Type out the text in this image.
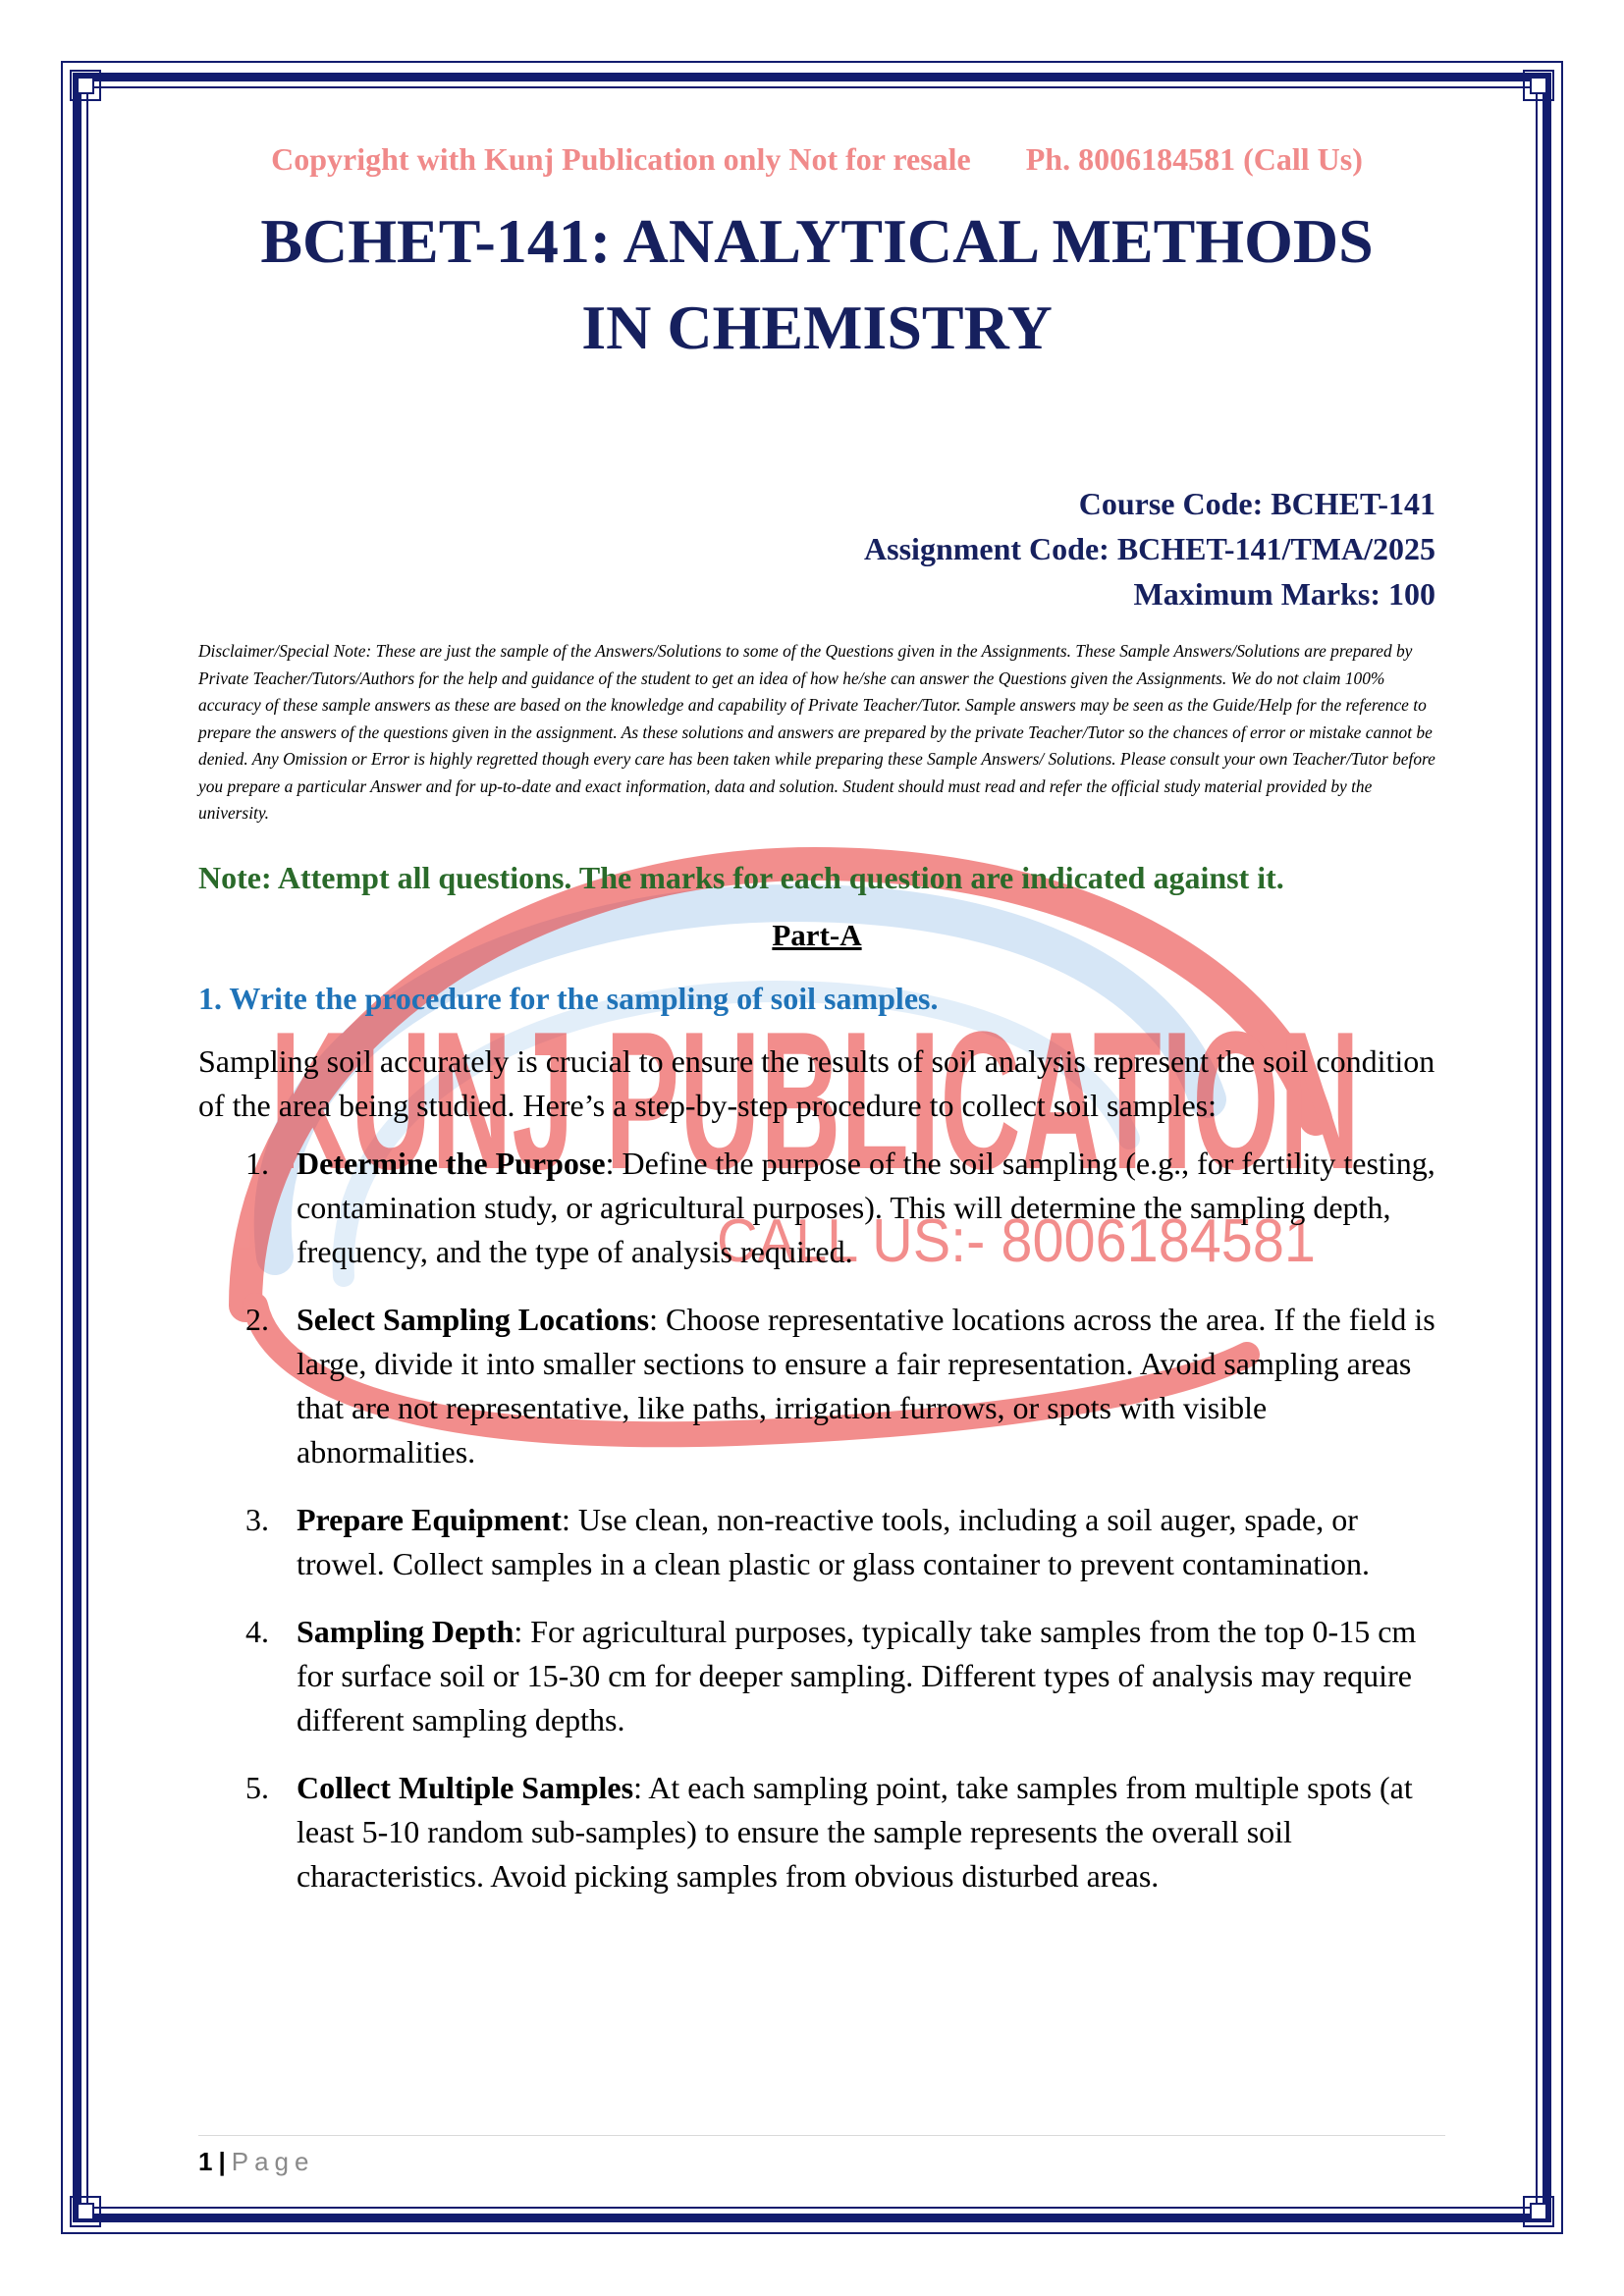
KUNJ PUBLICATION
CALL US:- 8006184581
Copyright with Kunj Publication only Not for resale Ph. 8006184581 (Call Us)
BCHET-141: ANALYTICAL METHODS
IN CHEMISTRY
Course Code: BCHET-141
Assignment Code: BCHET-141/TMA/2025
Maximum Marks: 100
Disclaimer/Special Note: These are just the sample of the Answers/Solutions to some of the Questions given in the Assignments. These Sample Answers/Solutions are prepared by Private Teacher/Tutors/Authors for the help and guidance of the student to get an idea of how he/she can answer the Questions given the Assignments. We do not claim 100% accuracy of these sample answers as these are based on the knowledge and capability of Private Teacher/Tutor. Sample answers may be seen as the Guide/Help for the reference to prepare the answers of the questions given in the assignment. As these solutions and answers are prepared by the private Teacher/Tutor so the chances of error or mistake cannot be denied. Any Omission or Error is highly regretted though every care has been taken while preparing these Sample Answers/ Solutions. Please consult your own Teacher/Tutor before you prepare a particular Answer and for up-to-date and exact information, data and solution. Student should must read and refer the official study material provided by the university.
Note: Attempt all questions. The marks for each question are indicated against it.
Part-A
1. Write the procedure for the sampling of soil samples.
Sampling soil accurately is crucial to ensure the results of soil analysis represent the soil condition of the area being studied. Here’s a step-by-step procedure to collect soil samples:
1. Determine the Purpose: Define the purpose of the soil sampling (e.g., for fertility testing, contamination study, or agricultural purposes). This will determine the sampling depth, frequency, and the type of analysis required.
2. Select Sampling Locations: Choose representative locations across the area. If the field is large, divide it into smaller sections to ensure a fair representation. Avoid sampling areas that are not representative, like paths, irrigation furrows, or spots with visible abnormalities.
3. Prepare Equipment: Use clean, non-reactive tools, including a soil auger, spade, or trowel. Collect samples in a clean plastic or glass container to prevent contamination.
4. Sampling Depth: For agricultural purposes, typically take samples from the top 0-15 cm for surface soil or 15-30 cm for deeper sampling. Different types of analysis may require different sampling depths.
5. Collect Multiple Samples: At each sampling point, take samples from multiple spots (at least 5-10 random sub-samples) to ensure the sample represents the overall soil characteristics. Avoid picking samples from obvious disturbed areas.
1 | Page
